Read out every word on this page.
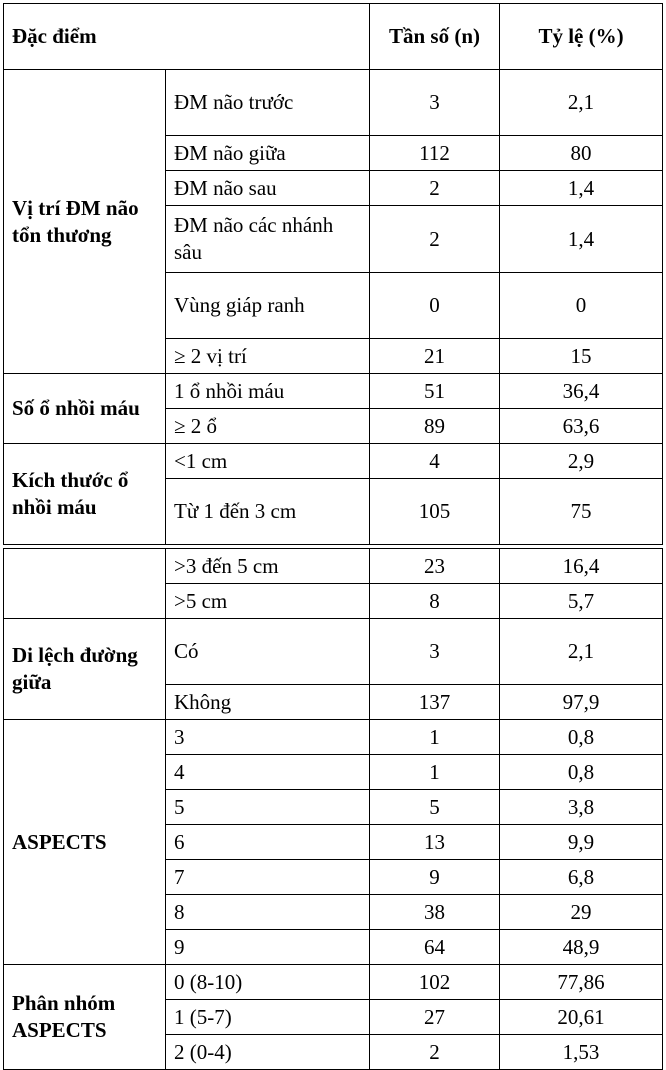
Đặc điểm		Tần số (n)	Tỷ lệ (%)
Vị trí ĐM não tổn thương	ĐM não trước	3	2,1
	ĐM não giữa	112	80
	ĐM não sau	2	1,4
	ĐM não các nhánh sâu	2	1,4
	Vùng giáp ranh	0	0
	≥ 2 vị trí	21	15
Số ổ nhồi máu	1 ổ nhồi máu	51	36,4
	≥ 2 ổ	89	63,6
Kích thước ổ nhồi máu	<1 cm	4	2,9
	Từ 1 đến 3 cm	105	75

	>3 đến 5 cm	23	16,4
	>5 cm	8	5,7
Di lệch đường giữa	Có	3	2,1
	Không	137	97,9
ASPECTS	3	1	0,8
	4	1	0,8
	5	5	3,8
	6	13	9,9
	7	9	6,8
	8	38	29
	9	64	48,9
Phân nhóm ASPECTS	0 (8-10)	102	77,86
	1 (5-7)	27	20,61
	2 (0-4)	2	1,53
